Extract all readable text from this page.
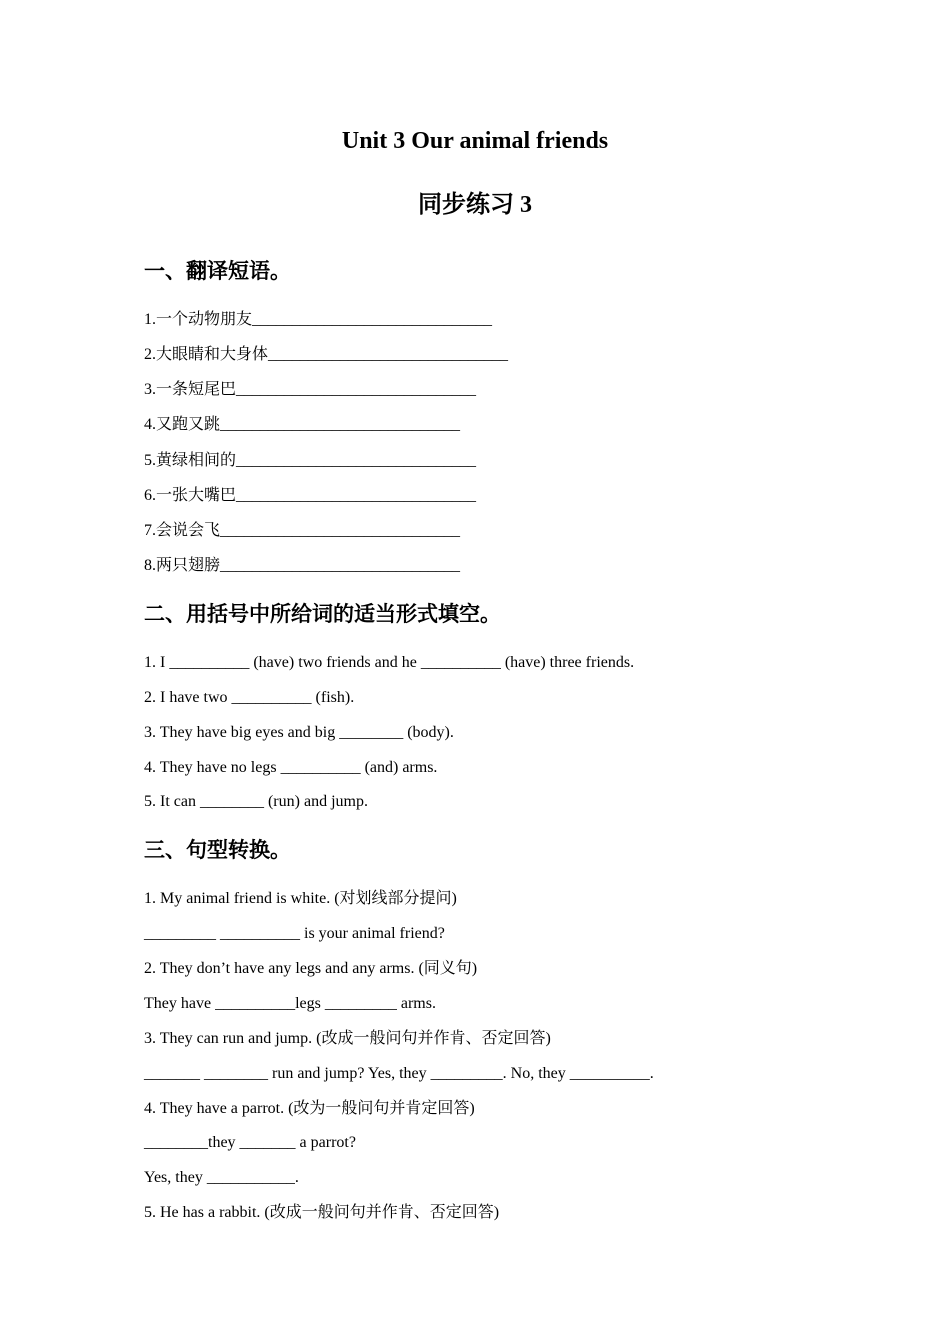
Unit 3 Our animal friends
同步练习 3
一、翻译短语。
1.一个动物朋友______________________________
2.大眼睛和大身体______________________________
3.一条短尾巴______________________________
4.又跑又跳______________________________
5.黄绿相间的______________________________
6.一张大嘴巴______________________________
7.会说会飞______________________________
8.两只翅膀______________________________
二、用括号中所给词的适当形式填空。
1. I __________ (have) two friends and he __________ (have) three friends.
2. I have two __________ (fish).
3. They have big eyes and big ________ (body).
4. They have no legs __________ (and) arms.
5. It can ________ (run) and jump.
三、句型转换。
1. My animal friend is white. (对划线部分提问)
_________ __________ is your animal friend?
2. They don’t have any legs and any arms. (同义句)
They have __________legs _________ arms.
3. They can run and jump. (改成一般问句并作肯、否定回答)
_______ ________ run and jump? Yes, they _________. No, they __________.
4. They have a parrot. (改为一般问句并肯定回答)
________they _______ a parrot?
Yes, they ___________.
5. He has a rabbit. (改成一般问句并作肯、否定回答)
